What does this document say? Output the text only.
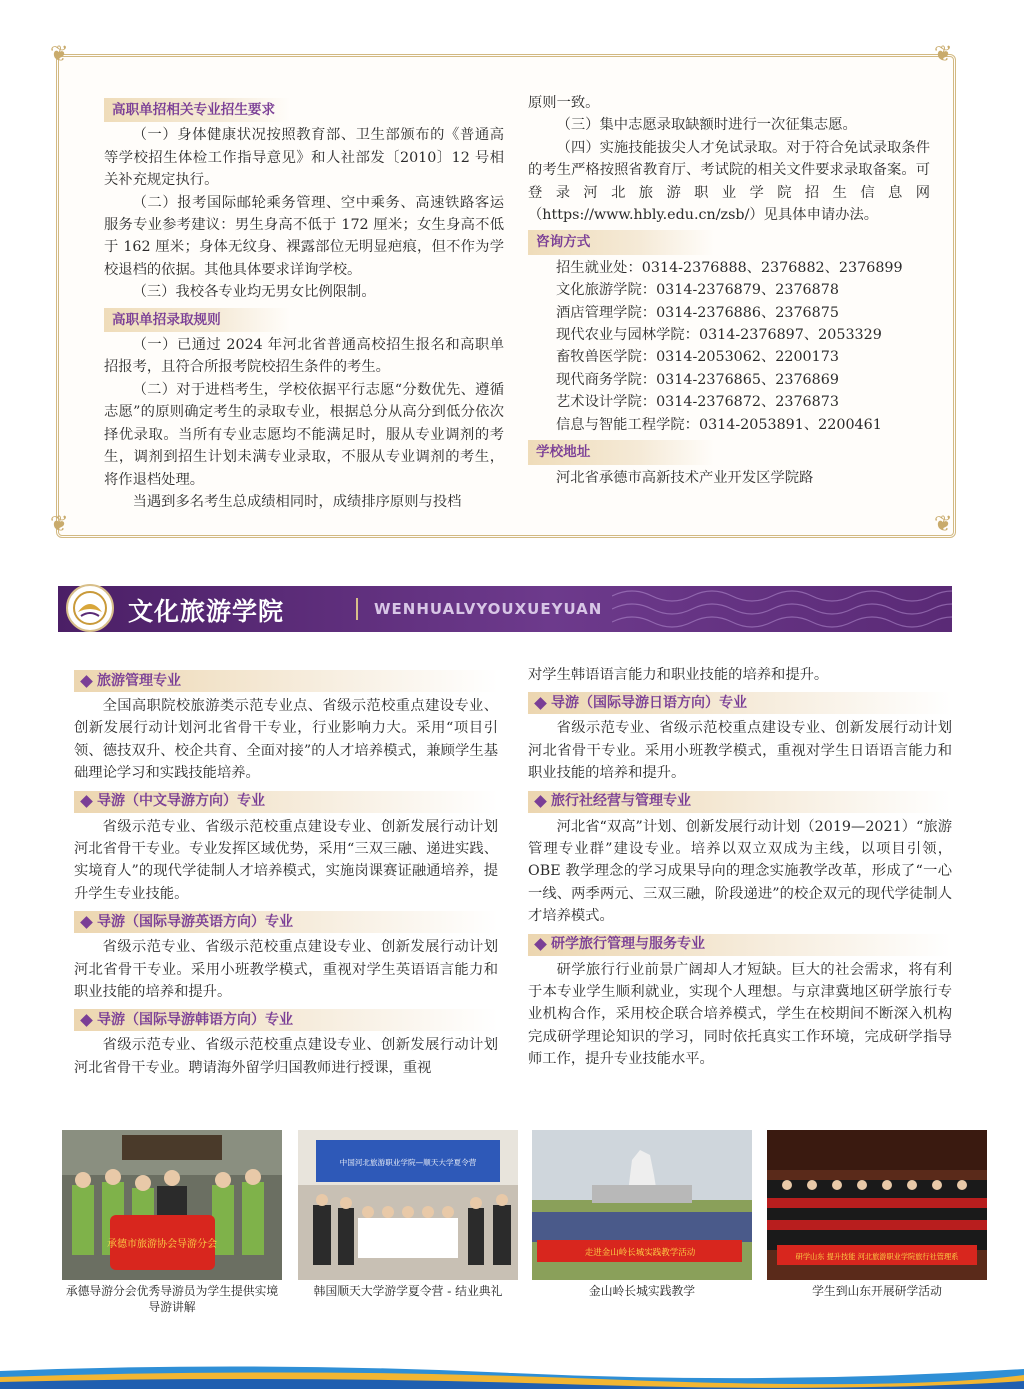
❦	❦
❦	❦
高职单招相关专业招生要求

（一）身体健康状况按照教育部、卫生部颁布的《普通高等学校招生体检工作指导意见》和人社部发〔2010〕12 号相关补充规定执行。

（二）报考国际邮轮乘务管理、空中乘务、高速铁路客运服务专业参考建议：男生身高不低于 172 厘米；女生身高不低于 162 厘米；身体无纹身、裸露部位无明显疤痕，但不作为学校退档的依据。其他具体要求详询学校。

（三）我校各专业均无男女比例限制。

高职单招录取规则

（一）已通过 2024 年河北省普通高校招生报名和高职单招报考，且符合所报考院校招生条件的考生。

（二）对于进档考生，学校依据平行志愿“分数优先、遵循志愿”的原则确定考生的录取专业，根据总分从高分到低分依次择优录取。当所有专业志愿均不能满足时，服从专业调剂的考生，调剂到招生计划未满专业录取，不服从专业调剂的考生，将作退档处理。

当遇到多名考生总成绩相同时，成绩排序原则与投档

原则一致。

（三）集中志愿录取缺额时进行一次征集志愿。

（四）实施技能拔尖人才免试录取。对于符合免试录取条件的考生严格按照省教育厅、考试院的相关文件要求录取备案。可登录河北旅游职业学院招生信息网（https://www.hbly.edu.cn/zsb/）见具体申请办法。

咨询方式

招生就业处：0314-2376888、2376882、2376899

文化旅游学院：0314-2376879、2376878

酒店管理学院：0314-2376886、2376875

现代农业与园林学院：0314-2376897、2053329

畜牧兽医学院：0314-2053062、2200173

现代商务学院：0314-2376865、2376869

艺术设计学院：0314-2376872、2376873

信息与智能工程学院：0314-2053891、2200461

学校地址

河北省承德市高新技术产业开发区学院路

文化旅游学院	WENHUALVYOUXUEYUAN
旅游管理专业

全国高职院校旅游类示范专业点、省级示范校重点建设专业、创新发展行动计划河北省骨干专业，行业影响力大。采用“项目引领、德技双升、校企共育、全面对接”的人才培养模式，兼顾学生基础理论学习和实践技能培养。

导游（中文导游方向）专业

省级示范专业、省级示范校重点建设专业、创新发展行动计划河北省骨干专业。专业发挥区域优势，采用“三双三融、递进实践、实境育人”的现代学徒制人才培养模式，实施岗课赛证融通培养，提升学生专业技能。

导游（国际导游英语方向）专业

省级示范专业、省级示范校重点建设专业、创新发展行动计划河北省骨干专业。采用小班教学模式，重视对学生英语语言能力和职业技能的培养和提升。

导游（国际导游韩语方向）专业

省级示范专业、省级示范校重点建设专业、创新发展行动计划河北省骨干专业。聘请海外留学归国教师进行授课，重视

对学生韩语语言能力和职业技能的培养和提升。

导游（国际导游日语方向）专业

省级示范专业、省级示范校重点建设专业、创新发展行动计划河北省骨干专业。采用小班教学模式，重视对学生日语语言能力和职业技能的培养和提升。

旅行社经营与管理专业

河北省“双高”计划、创新发展行动计划（2019—2021）“旅游管理专业群”建设专业。培养以双立双成为主线，以项目引领，OBE 教学理念的学习成果导向的理念实施教学改革，形成了“一心一线、两季两元、三双三融，阶段递进”的校企双元的现代学徒制人才培养模式。

研学旅行管理与服务专业

研学旅行行业前景广阔却人才短缺。巨大的社会需求，将有利于本专业学生顺利就业，实现个人理想。与京津冀地区研学旅行专业机构合作，采用校企联合培养模式，学生在校期间不断深入机构完成研学理论知识的学习，同时依托真实工作环境，完成研学指导师工作，提升专业技能水平。

承德市旅游协会导游分会
中国河北旅游职业学院—顺天大学夏令营
走进金山岭长城实践教学活动	研学山东 提升技能 河北旅游职业学院旅行社管理系
承德导游分会优秀导游员为学生提供实境导游讲解
韩国顺天大学游学夏令营 - 结业典礼	金山岭长城实践教学	学生到山东开展研学活动
